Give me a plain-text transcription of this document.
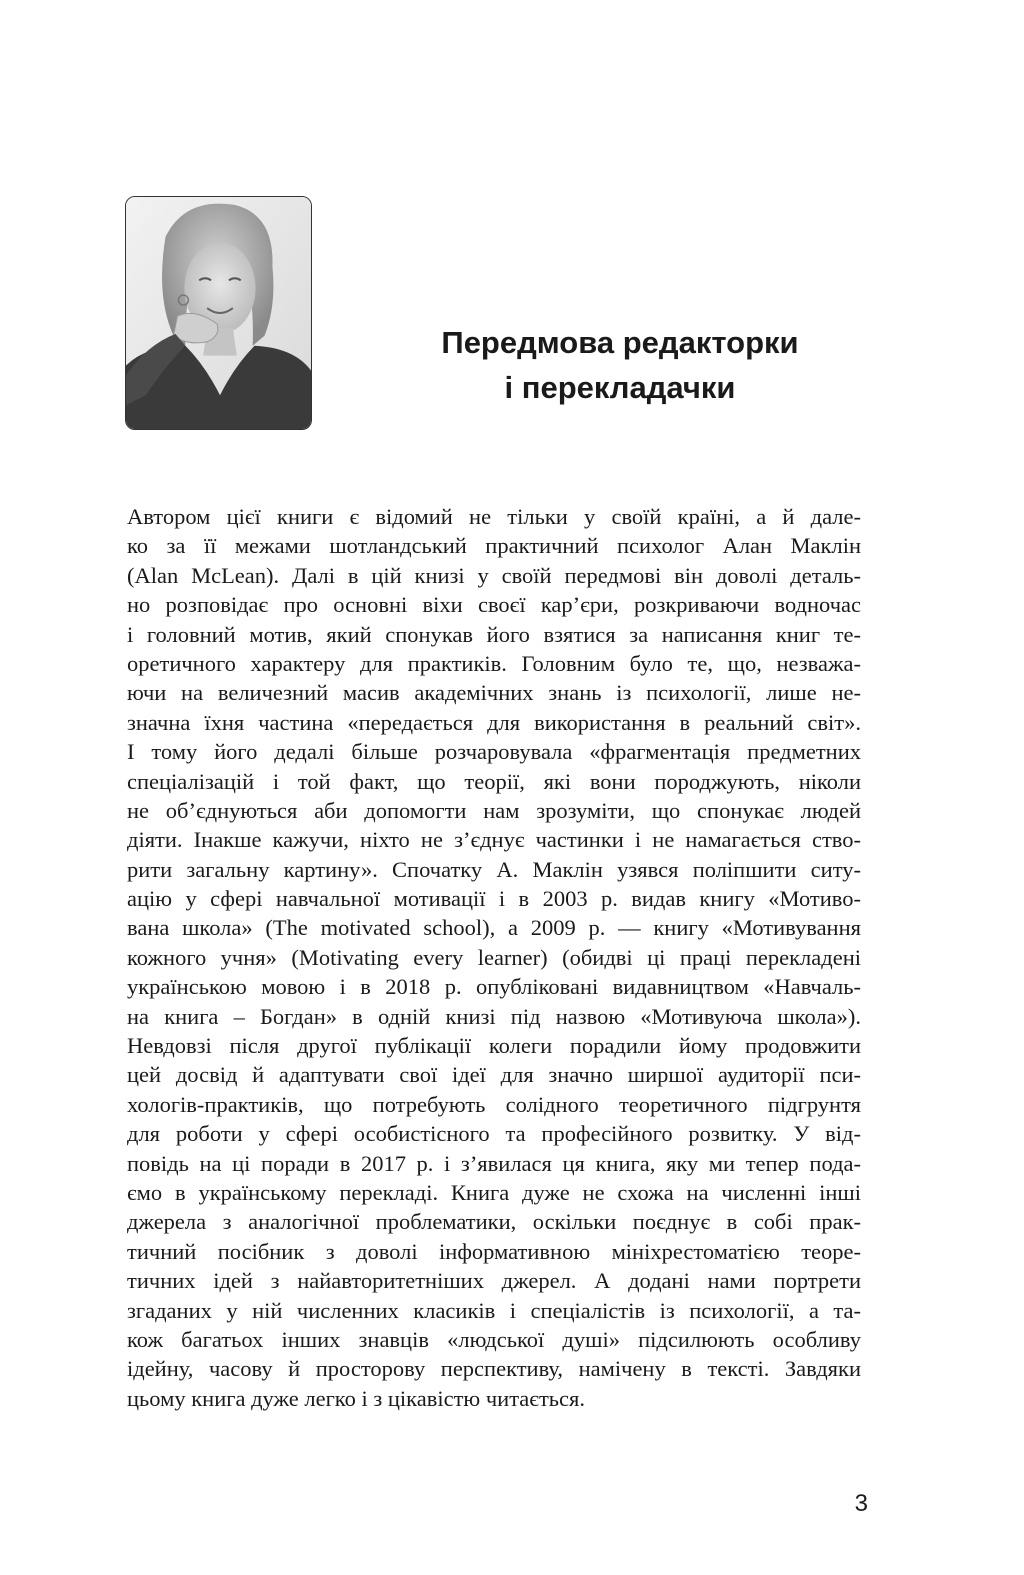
Передмова редакторки
і перекладачки
Автором цієї книги є відомий не тільки у своїй країні, а й дале-
ко за її межами шотландський практичний психолог Алан Маклін
(Alan McLean). Далі в цій книзі у своїй передмові він доволі деталь-
но розповідає про основні віхи своєї кар’єри, розкриваючи водночас
і головний мотив, який спонукав його взятися за написання книг те-
оретичного характеру для практиків. Головним було те, що, незважа-
ючи на величезний масив академічних знань із психології, лише не-
значна їхня частина «передається для використання в реальний світ».
І тому його дедалі більше розчаровувала «фрагментація предметних
спеціалізацій і той факт, що теорії, які вони породжують, ніколи
не об’єднуються аби допомогти нам зрозуміти, що спонукає людей
діяти. Інакше кажучи, ніхто не з’єднує частинки і не намагається ство-
рити загальну картину». Спочатку А. Маклін узявся поліпшити ситу-
ацію у сфері навчальної мотивації і в 2003 р. видав книгу «Мотиво-
вана школа» (The motivated school), а 2009 р. — книгу «Мотивування
кожного учня» (Motivating every learner) (обидві ці праці перекладені
українською мовою і в 2018 р. опубліковані видавництвом «Навчаль-
на книга – Богдан» в одній книзі під назвою «Мотивуюча школа»).
Невдовзі після другої публікації колеги порадили йому продовжити
цей досвід й адаптувати свої ідеї для значно ширшої аудиторії пси-
хологів-практиків, що потребують солідного теоретичного підгрунтя
для роботи у сфері особистісного та професійного розвитку. У від-
повідь на ці поради в 2017 р. і з’явилася ця книга, яку ми тепер пода-
ємо в українському перекладі. Книга дуже не схожа на численні інші
джерела з аналогічної проблематики, оскільки поєднує в собі прак-
тичний посібник з доволі інформативною мініхрестоматією теоре-
тичних ідей з найавторитетніших джерел. А додані нами портрети
згаданих у ній численних класиків і спеціалістів із психології, а та-
кож багатьох інших знавців «людської душі» підсилюють особливу
ідейну, часову й просторову перспективу, намічену в тексті. Завдяки
цьому книга дуже легко і з цікавістю читається.
3
